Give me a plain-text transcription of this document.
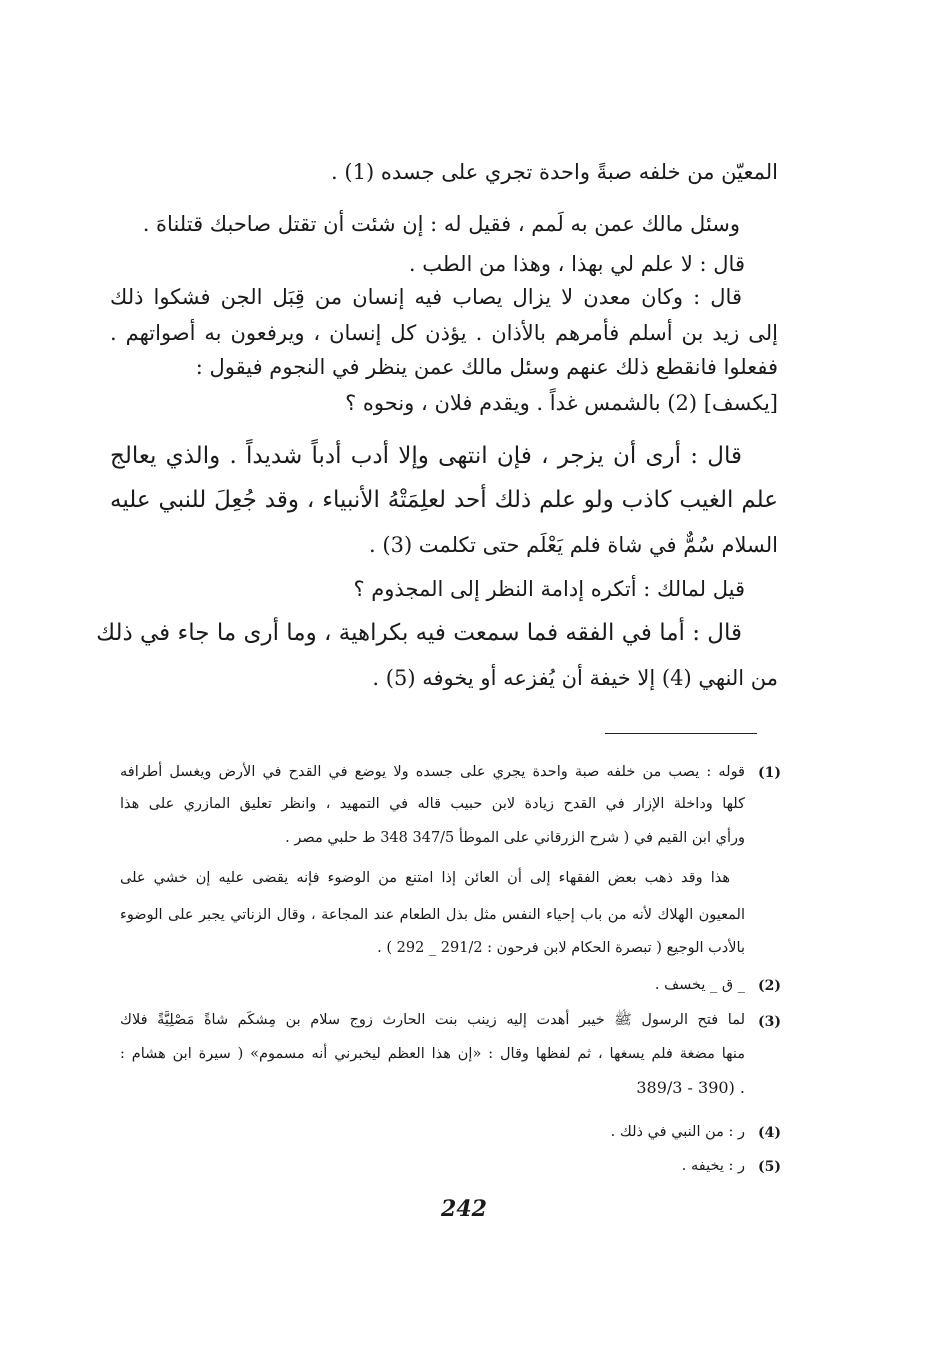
المعيّن من خلفه صبةً واحدة تجري على جسده (1) .
وسئل مالك عمن به لَمم ، فقيل له : إن شئت أن تقتل صاحبك قتلناهَ .
قال : لا علم لي بهذا ، وهذا من الطب .
قال : وكان معدن لا يزال يصاب فيه إنسان من قِبَل الجن فشكوا ذلك
إلى زيد بن أسلم فأمرهم بالأذان . يؤذن كل إنسان ، ويرفعون به أصواتهم .
ففعلوا فانقطع ذلك عنهم وسئل مالك عمن ينظر في النجوم فيقول :
[يكسف] (2) بالشمس غداً . ويقدم فلان ، ونحوه ؟
قال : أرى أن يزجر ، فإن انتهى وإلا أدب أدباً شديداً . والذي يعالج
علم الغيب كاذب ولو علم ذلك أحد لعلِمَتْهُ الأنبياء ، وقد جُعِلَ للنبي عليه
السلام سُمٌّ في شاة فلم يَعْلَم حتى تكلمت (3) .
قيل لمالك : أتكره إدامة النظر إلى المجذوم ؟
قال : أما في الفقه فما سمعت فيه بكراهية ، وما أرى ما جاء في ذلك
من النهي (4) إلا خيفة أن يُفزعه أو يخوفه (5) .
(1)
قوله : يصب من خلفه صبة واحدة يجري على جسده ولا يوضع في القدح في الأرض ويغسل أطرافه
كلها وداخلة الإزار في القدح زيادة لابن حبيب قاله في التمهيد ، وانظر تعليق المازري على هذا
ورأي ابن القيم في ( شرح الزرقاني على الموطأ 347/5 348 ط حلبي مصر .
هذا وقد ذهب بعض الفقهاء إلى أن العائن إذا امتنع من الوضوء فإنه يقضى عليه إن خشي على
المعيون الهلاك لأنه من باب إحياء النفس مثل بذل الطعام عند المجاعة ، وقال الزناتي يجبر على الوضوء
بالأدب الوجيع ( تبصرة الحكام لابن فرحون : 291/2 _ 292 ) .
(2)
_ ق _ يخسف .
(3)
لما فتح الرسول ﷺ خيبر أهدت إليه زينب بنت الحارث زوج سلام بن مِشكَم شاةً مَصْلِيَّةً فلاك
منها مضغة فلم يسغها ، ثم لفظها وقال : «إن هذا العظم ليخبرني أنه مسموم» ( سيرة ابن هشام :
. (390 - 389/3
(4)
ر : من النبي في ذلك .
(5)
ر : يخيفه .
242
